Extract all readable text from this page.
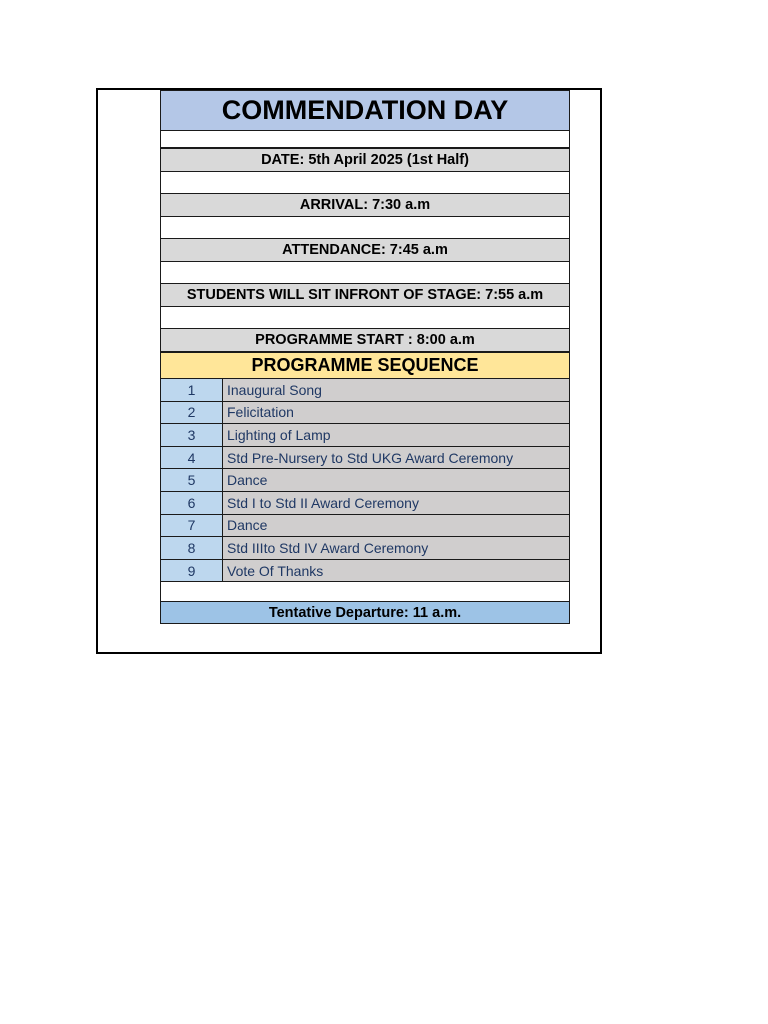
COMMENDATION DAY
DATE: 5th April 2025 (1st Half)
ARRIVAL: 7:30 a.m
ATTENDANCE: 7:45 a.m
STUDENTS WILL SIT INFRONT OF STAGE: 7:55 a.m
PROGRAMME START : 8:00 a.m
PROGRAMME SEQUENCE
1	Inaugural Song
2	Felicitation
3	Lighting of Lamp
4	Std Pre-Nursery to Std UKG Award Ceremony
5	Dance
6	Std I to Std II Award Ceremony
7	Dance
8	Std IIIto Std IV Award Ceremony
9	Vote Of Thanks
Tentative Departure: 11 a.m.
